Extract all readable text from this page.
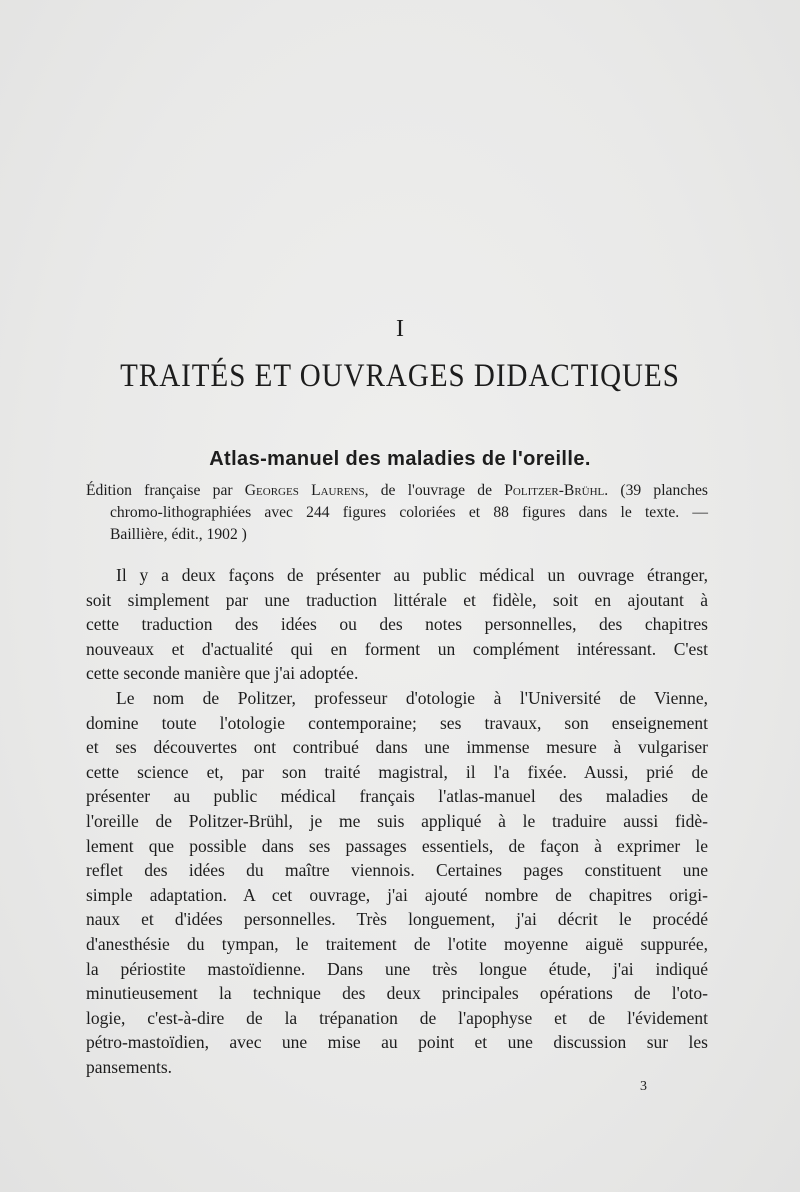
I
TRAITÉS ET OUVRAGES DIDACTIQUES
Atlas-manuel des maladies de l'oreille.
Édition française par Georges Laurens, de l'ouvrage de Politzer-Brühl. (39 planches
chromo-lithographiées avec 244 figures coloriées et 88 figures dans le texte. —
Baillière, édit., 1902 )
Il y a deux façons de présenter au public médical un ouvrage étranger,
soit simplement par une traduction littérale et fidèle, soit en ajoutant à
cette traduction des idées ou des notes personnelles, des chapitres
nouveaux et d'actualité qui en forment un complément intéressant. C'est
cette seconde manière que j'ai adoptée.
Le nom de Politzer, professeur d'otologie à l'Université de Vienne,
domine toute l'otologie contemporaine; ses travaux, son enseignement
et ses découvertes ont contribué dans une immense mesure à vulgariser
cette science et, par son traité magistral, il l'a fixée. Aussi, prié de
présenter au public médical français l'atlas-manuel des maladies de
l'oreille de Politzer-Brühl, je me suis appliqué à le traduire aussi fidè-
lement que possible dans ses passages essentiels, de façon à exprimer le
reflet des idées du maître viennois. Certaines pages constituent une
simple adaptation. A cet ouvrage, j'ai ajouté nombre de chapitres origi-
naux et d'idées personnelles. Très longuement, j'ai décrit le procédé
d'anesthésie du tympan, le traitement de l'otite moyenne aiguë suppurée,
la périostite mastoïdienne. Dans une très longue étude, j'ai indiqué
minutieusement la technique des deux principales opérations de l'oto-
logie, c'est-à-dire de la trépanation de l'apophyse et de l'évidement
pétro-mastoïdien, avec une mise au point et une discussion sur les
pansements.
3
